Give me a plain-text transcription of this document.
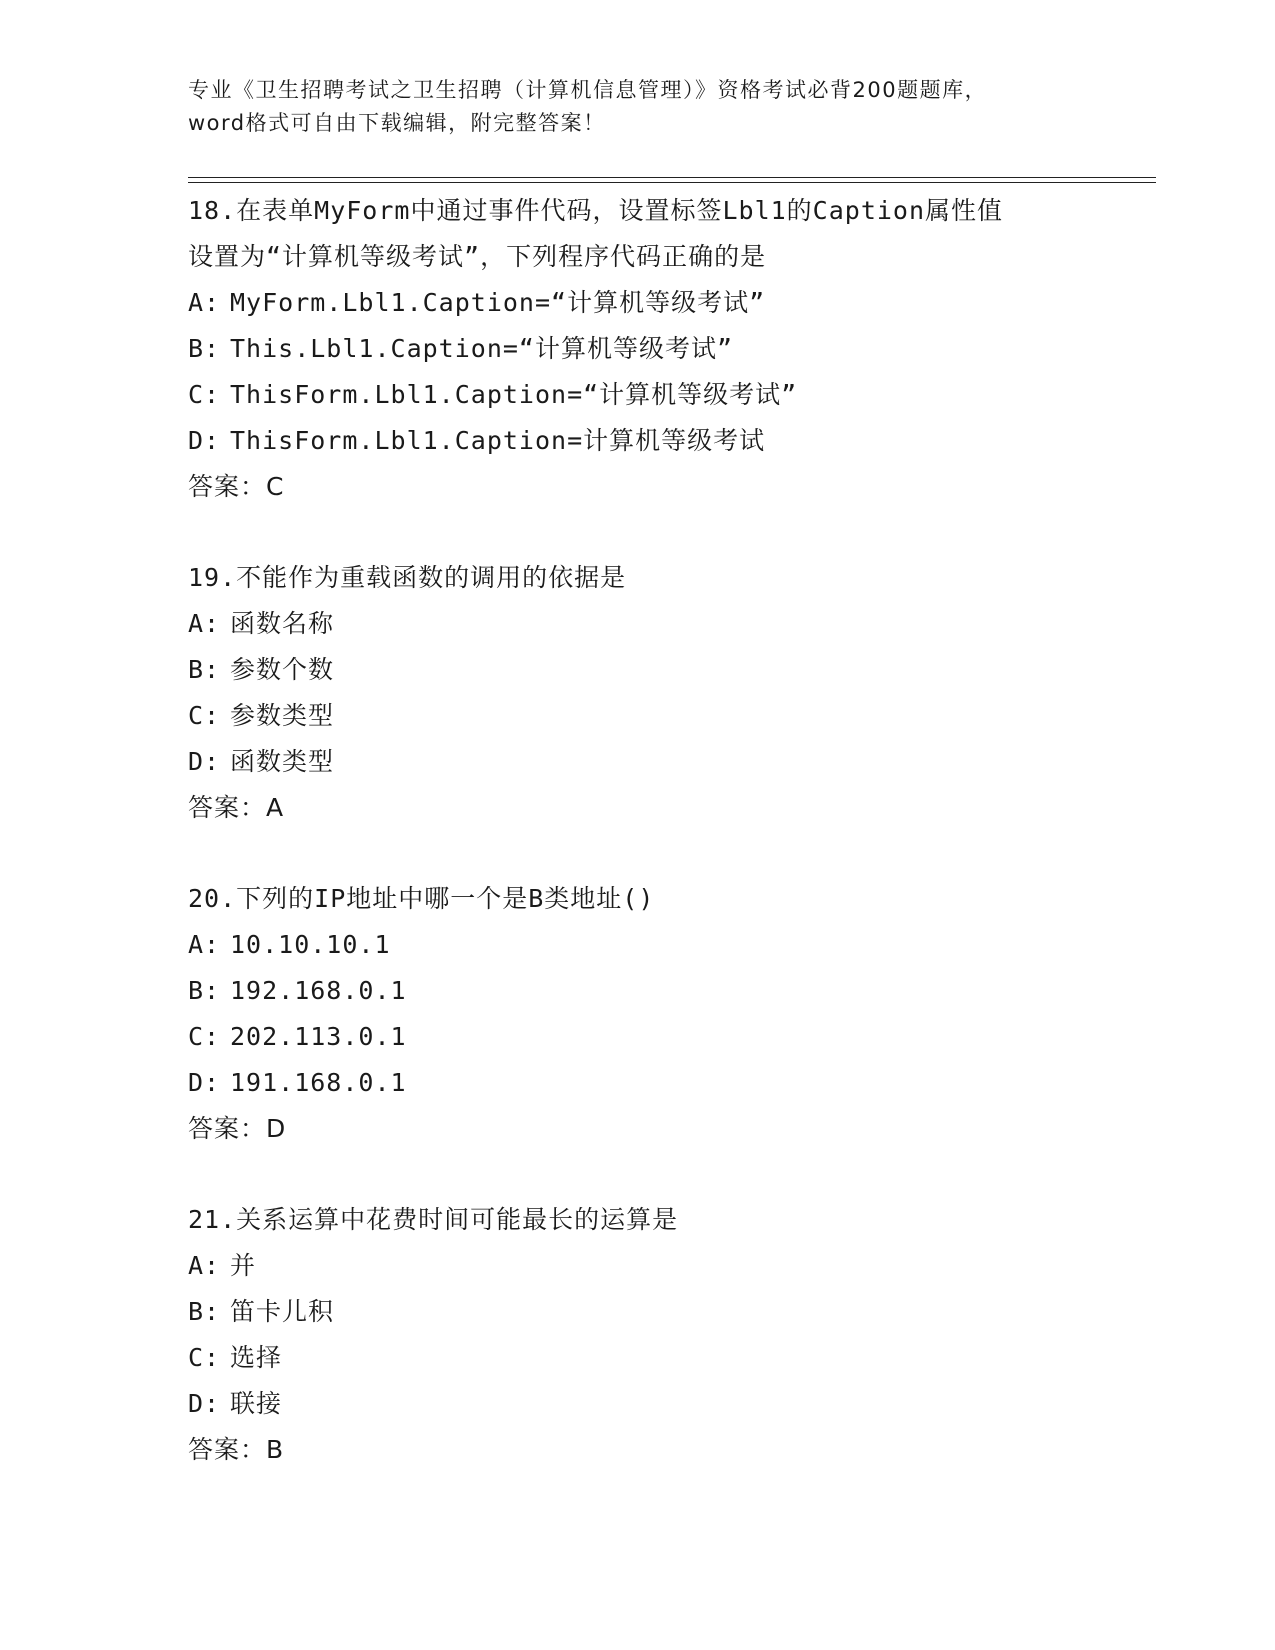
专业《卫生招聘考试之卫生招聘（计算机信息管理）》资格考试必背200题题库，
word格式可自由下载编辑，附完整答案！
18.在表单MyForm中通过事件代码，设置标签Lbl1的Caption属性值
设置为“计算机等级考试”，下列程序代码正确的是
A: MyForm.Lbl1.Caption=“计算机等级考试”
B: This.Lbl1.Caption=“计算机等级考试”
C: ThisForm.Lbl1.Caption=“计算机等级考试”
D: ThisForm.Lbl1.Caption=计算机等级考试
答案：C
19.不能作为重载函数的调用的依据是
A: 函数名称
B: 参数个数
C: 参数类型
D: 函数类型
答案：A
20.下列的IP地址中哪一个是B类地址()
A: 10.10.10.1
B: 192.168.0.1
C: 202.113.0.1
D: 191.168.0.1
答案：D
21.关系运算中花费时间可能最长的运算是
A: 并
B: 笛卡儿积
C: 选择
D: 联接
答案：B
